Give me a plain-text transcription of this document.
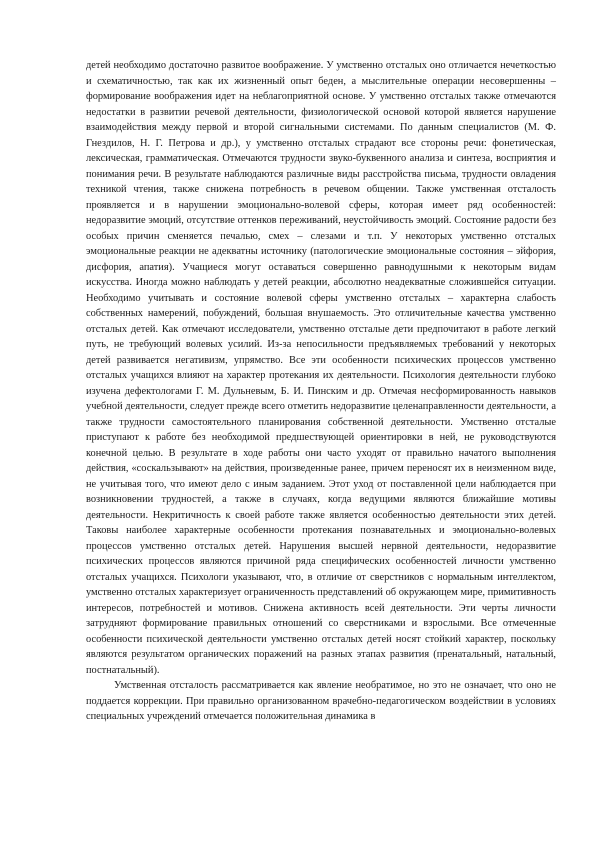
детей необходимо достаточно развитое воображение. У умственно отсталых оно отличается нечеткостью и схематичностью, так как их жизненный опыт беден, а мыслительные операции несовершенны – формирование воображения идет на неблагоприятной основе. У умственно отсталых также отмечаются недостатки в развитии речевой деятельности, физиологической основой которой является нарушение взаимодействия между первой и второй сигнальными системами. По данным специалистов (М. Ф. Гнездилов, Н. Г. Петрова и др.), у умственно отсталых страдают все стороны речи: фонетическая, лексическая, грамматическая. Отмечаются трудности звуко-буквенного анализа и синтеза, восприятия и понимания речи. В результате наблюдаются различные виды расстройства письма, трудности овладения техникой чтения, также снижена потребность в речевом общении. Также умственная отсталость проявляется и в нарушении эмоционально-волевой сферы, которая имеет ряд особенностей: недоразвитие эмоций, отсутствие оттенков переживаний, неустойчивость эмоций. Состояние радости без особых причин сменяется печалью, смех – слезами и т.п. У некоторых умственно отсталых эмоциональные реакции не адекватны источнику (патологические эмоциональные состояния – эйфория, дисфория, апатия). Учащиеся могут оставаться совершенно равнодушными к некоторым видам искусства. Иногда можно наблюдать у детей реакции, абсолютно неадекватные сложившейся ситуации. Необходимо учитывать и состояние волевой сферы умственно отсталых – характерна слабость собственных намерений, побуждений, большая внушаемость. Это отличительные качества умственно отсталых детей. Как отмечают исследователи, умственно отсталые дети предпочитают в работе легкий путь, не требующий волевых усилий. Из-за непосильности предъявляемых требований у некоторых детей развивается негативизм, упрямство. Все эти особенности психических процессов умственно отсталых учащихся влияют на характер протекания их деятельности. Психология деятельности глубоко изучена дефектологами Г. М. Дульневым, Б. И. Пинским и др. Отмечая несформированность навыков учебной деятельности, следует прежде всего отметить недоразвитие целенаправленности деятельности, а также трудности самостоятельного планирования собственной деятельности. Умственно отсталые приступают к работе без необходимой предшествующей ориентировки в ней, не руководствуются конечной целью. В результате в ходе работы они часто уходят от правильно начатого выполнения действия, «соскальзывают» на действия, произведенные ранее, причем переносят их в неизменном виде, не учитывая того, что имеют дело с иным заданием. Этот уход от поставленной цели наблюдается при возникновении трудностей, а также в случаях, когда ведущими являются ближайшие мотивы деятельности. Некритичность к своей работе также является особенностью деятельности этих детей. Таковы наиболее характерные особенности протекания познавательных и эмоционально-волевых процессов умственно отсталых детей. Нарушения высшей нервной деятельности, недоразвитие психических процессов являются причиной ряда специфических особенностей личности умственно отсталых учащихся. Психологи указывают, что, в отличие от сверстников с нормальным интеллектом, умственно отсталых характеризует ограниченность представлений об окружающем мире, примитивность интересов, потребностей и мотивов. Снижена активность всей деятельности. Эти черты личности затрудняют формирование правильных отношений со сверстниками и взрослыми. Все отмеченные особенности психической деятельности умственно отсталых детей носят стойкий характер, поскольку являются результатом органических поражений на разных этапах развития (пренатальный, натальный, постнатальный).

Умственная отсталость рассматривается как явление необратимое, но это не означает, что оно не поддается коррекции. При правильно организованном врачебно-педагогическом воздействии в условиях специальных учреждений отмечается положительная динамика в
